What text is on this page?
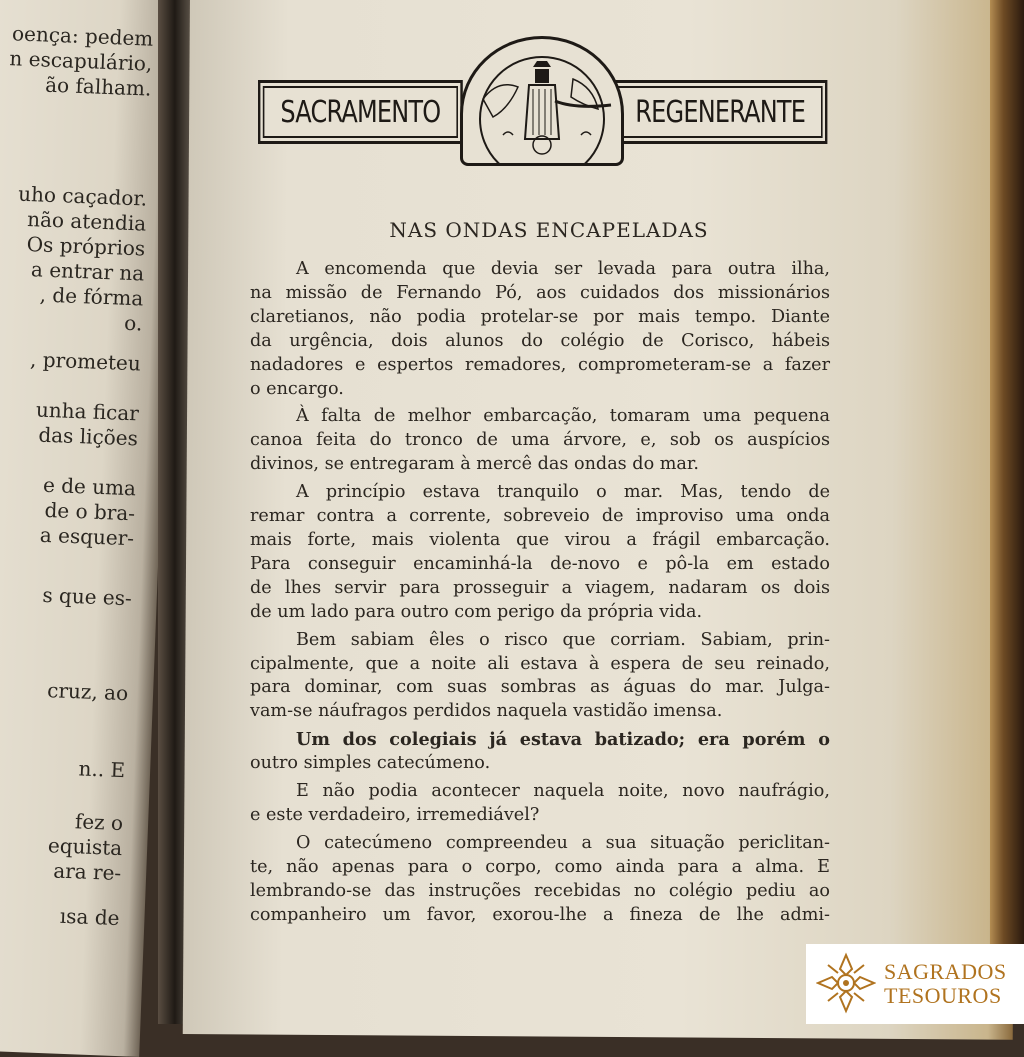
oença: pedem
n escapulário,
ão falham.
uho caçador.
não atendia
Os próprios
a entrar na
, de fórma
o.
, prometeu
unha ficar
das lições
e de uma
de o bra-
a esquer-
s que es-
cruz, ao
n.. E
fez o
equista
ara re-
ısa de
SACRAMENTO	REGENERANTE
NAS ONDAS ENCAPELADAS
A encomenda que devia ser levada para outra ilha,
na missão de Fernando Pó, aos cuidados dos missionários
claretianos, não podia protelar-se por mais tempo. Diante
da urgência, dois alunos do colégio de Corisco, hábeis
nadadores e espertos remadores, comprometeram-se a fazer
o encargo.
À falta de melhor embarcação, tomaram uma pequena
canoa feita do tronco de uma árvore, e, sob os auspícios
divinos, se entregaram à mercê das ondas do mar.
A princípio estava tranquilo o mar. Mas, tendo de
remar contra a corrente, sobreveio de improviso uma onda
mais forte, mais violenta que virou a frágil embarcação.
Para conseguir encaminhá-la de-novo e pô-la em estado
de lhes servir para prosseguir a viagem, nadaram os dois
de um lado para outro com perigo da própria vida.
Bem sabiam êles o risco que corriam. Sabiam, prin-
cipalmente, que a noite ali estava à espera de seu reinado,
para dominar, com suas sombras as águas do mar. Julga-
vam-se náufragos perdidos naquela vastidão imensa.
Um dos colegiais já estava batizado; era porém o
outro simples catecúmeno.
E não podia acontecer naquela noite, novo naufrágio,
e este verdadeiro, irremediável?
O catecúmeno compreendeu a sua situação periclitan-
te, não apenas para o corpo, como ainda para a alma. E
lembrando-se das instruções recebidas no colégio pediu ao
companheiro um favor, exorou-lhe a fineza de lhe admi-
SAGRADOS
TESOUROS
